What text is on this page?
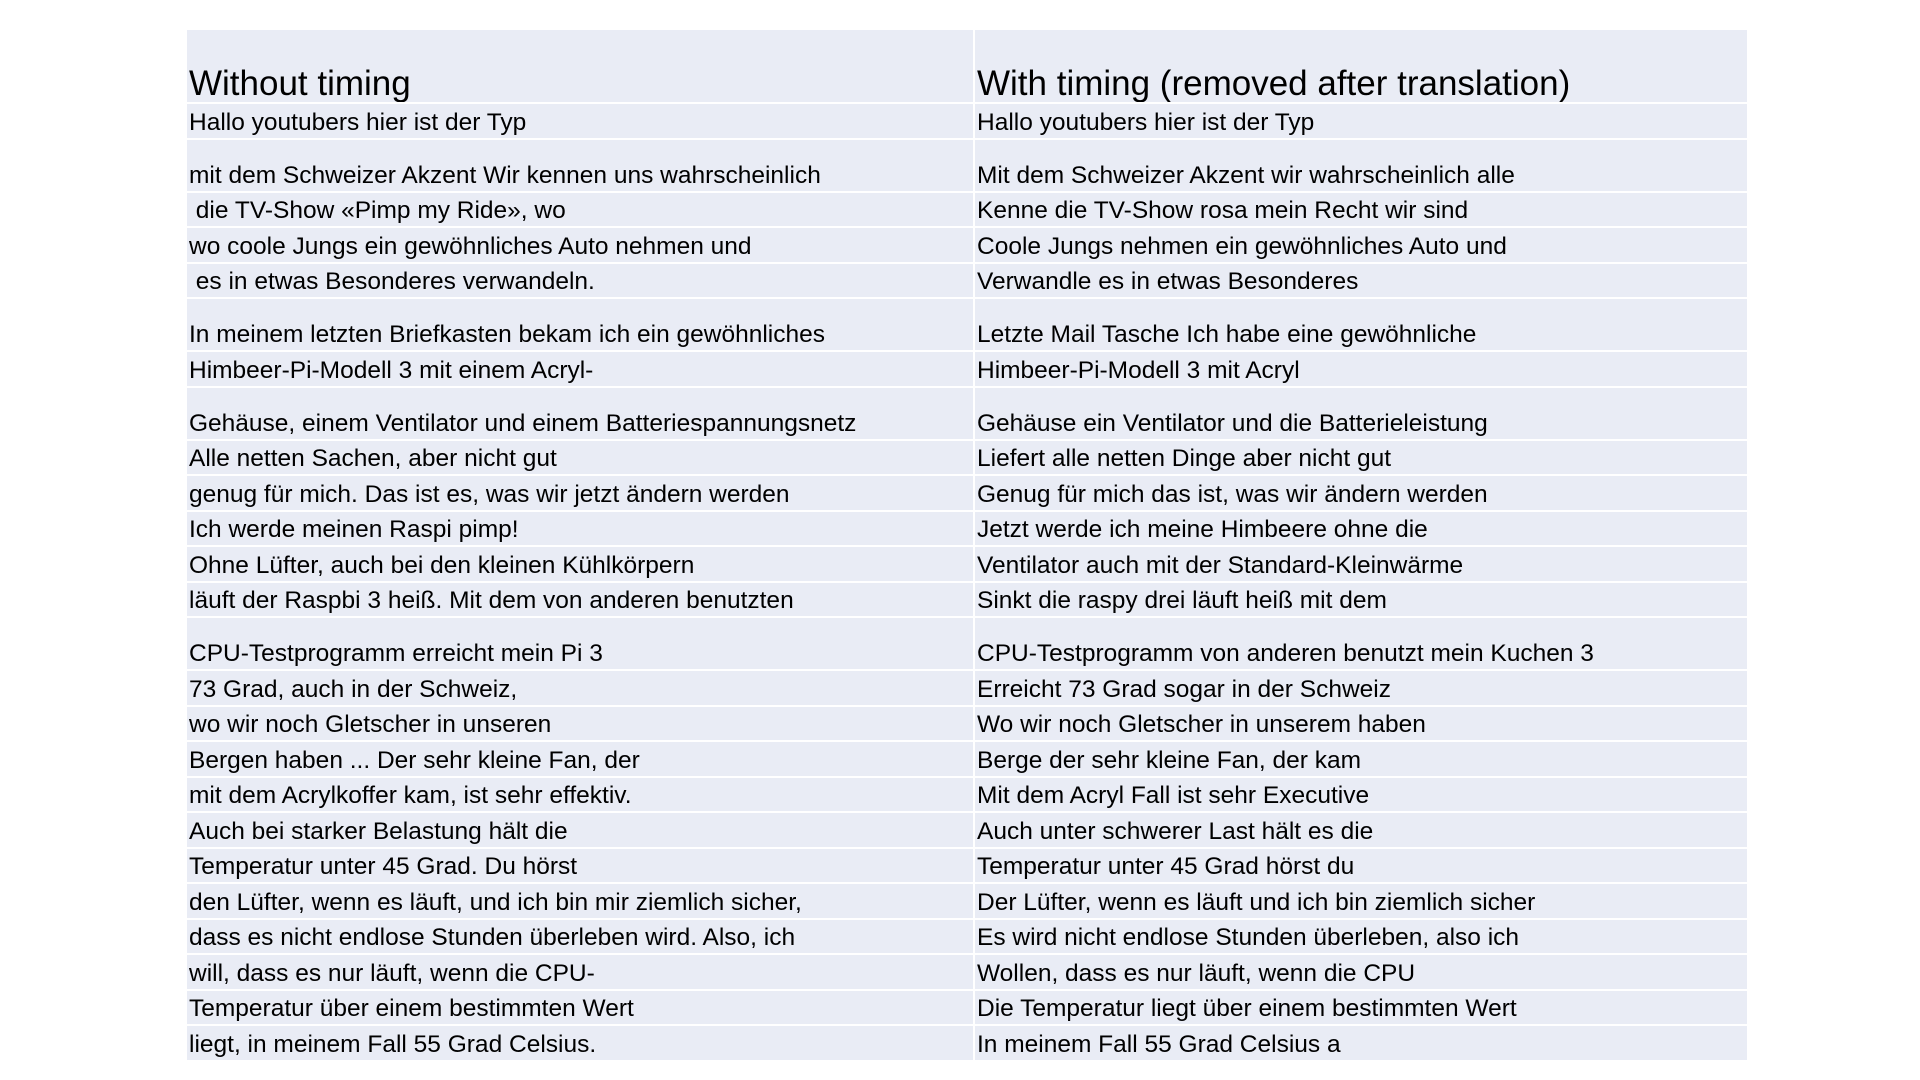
Without timing	With timing (removed after translation)
Hallo youtubers hier ist der Typ	Hallo youtubers hier ist der Typ
mit dem Schweizer Akzent Wir kennen uns wahrscheinlich	Mit dem Schweizer Akzent wir wahrscheinlich alle
die TV-Show «Pimp my Ride», wo	Kenne die TV-Show rosa mein Recht wir sind
wo coole Jungs ein gewöhnliches Auto nehmen und	Coole Jungs nehmen ein gewöhnliches Auto und
es in etwas Besonderes verwandeln.	Verwandle es in etwas Besonderes
In meinem letzten Briefkasten bekam ich ein gewöhnliches	Letzte Mail Tasche Ich habe eine gewöhnliche
Himbeer-Pi-Modell 3 mit einem Acryl-	Himbeer-Pi-Modell 3 mit Acryl
Gehäuse, einem Ventilator und einem Batteriespannungsnetz	Gehäuse ein Ventilator und die Batterieleistung
Alle netten Sachen, aber nicht gut	Liefert alle netten Dinge aber nicht gut
genug für mich. Das ist es, was wir jetzt ändern werden	Genug für mich das ist, was wir ändern werden
Ich werde meinen Raspi pimp!	Jetzt werde ich meine Himbeere ohne die
Ohne Lüfter, auch bei den kleinen Kühlkörpern	Ventilator auch mit der Standard-Kleinwärme
läuft der Raspbi 3 heiß. Mit dem von anderen benutzten	Sinkt die raspy drei läuft heiß mit dem
CPU-Testprogramm erreicht mein Pi 3	CPU-Testprogramm von anderen benutzt mein Kuchen 3
73 Grad, auch in der Schweiz,	Erreicht 73 Grad sogar in der Schweiz
wo wir noch Gletscher in unseren	Wo wir noch Gletscher in unserem haben
Bergen haben ... Der sehr kleine Fan, der	Berge der sehr kleine Fan, der kam
mit dem Acrylkoffer kam, ist sehr effektiv.	Mit dem Acryl Fall ist sehr Executive
Auch bei starker Belastung hält die	Auch unter schwerer Last hält es die
Temperatur unter 45 Grad. Du hörst	Temperatur unter 45 Grad hörst du
den Lüfter, wenn es läuft, und ich bin mir ziemlich sicher,	Der Lüfter, wenn es läuft und ich bin ziemlich sicher
dass es nicht endlose Stunden überleben wird. Also, ich	Es wird nicht endlose Stunden überleben, also ich
will, dass es nur läuft, wenn die CPU-	Wollen, dass es nur läuft, wenn die CPU
Temperatur über einem bestimmten Wert	Die Temperatur liegt über einem bestimmten Wert
liegt, in meinem Fall 55 Grad Celsius.	In meinem Fall 55 Grad Celsius a
